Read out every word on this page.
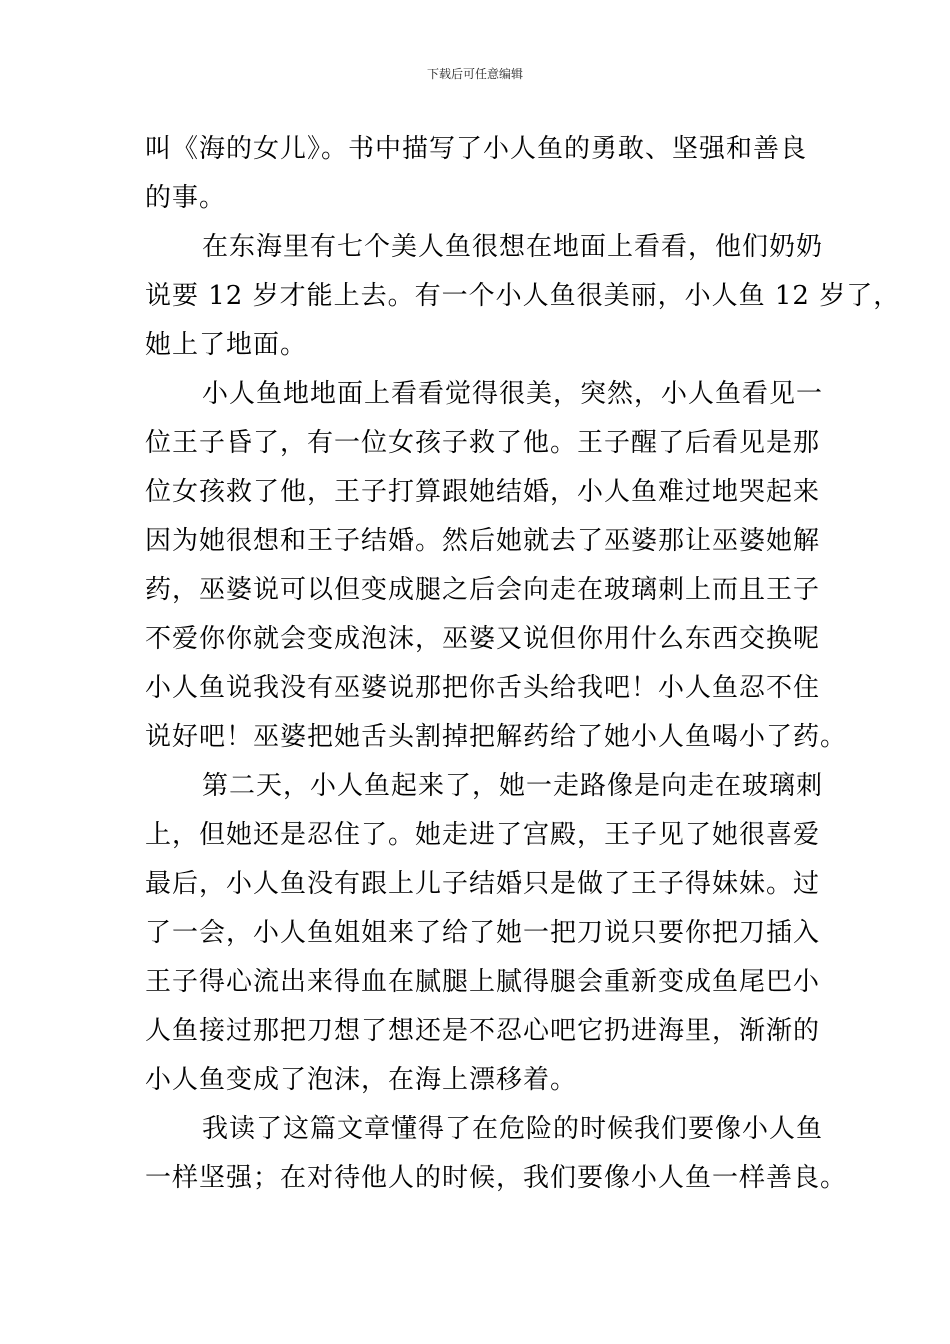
下载后可任意编辑
叫《海的女儿》。书中描写了小人鱼的勇敢、坚强和善良
的事。
在东海里有七个美人鱼很想在地面上看看，他们奶奶
说要 12 岁才能上去。有一个小人鱼很美丽，小人鱼 12 岁了，
她上了地面。
小人鱼地地面上看看觉得很美，突然，小人鱼看见一
位王子昏了，有一位女孩子救了他。王子醒了后看见是那
位女孩救了他，王子打算跟她结婚，小人鱼难过地哭起来
因为她很想和王子结婚。然后她就去了巫婆那让巫婆她解
药，巫婆说可以但变成腿之后会向走在玻璃刺上而且王子
不爱你你就会变成泡沫，巫婆又说但你用什么东西交换呢
小人鱼说我没有巫婆说那把你舌头给我吧！小人鱼忍不住
说好吧！巫婆把她舌头割掉把解药给了她小人鱼喝小了药。
第二天，小人鱼起来了，她一走路像是向走在玻璃刺
上，但她还是忍住了。她走进了宫殿，王子见了她很喜爱
最后，小人鱼没有跟上儿子结婚只是做了王子得妹妹。过
了一会，小人鱼姐姐来了给了她一把刀说只要你把刀插入
王子得心流出来得血在腻腿上腻得腿会重新变成鱼尾巴小
人鱼接过那把刀想了想还是不忍心吧它扔进海里，渐渐的
小人鱼变成了泡沫，在海上漂移着。
我读了这篇文章懂得了在危险的时候我们要像小人鱼
一样坚强；在对待他人的时候，我们要像小人鱼一样善良。
